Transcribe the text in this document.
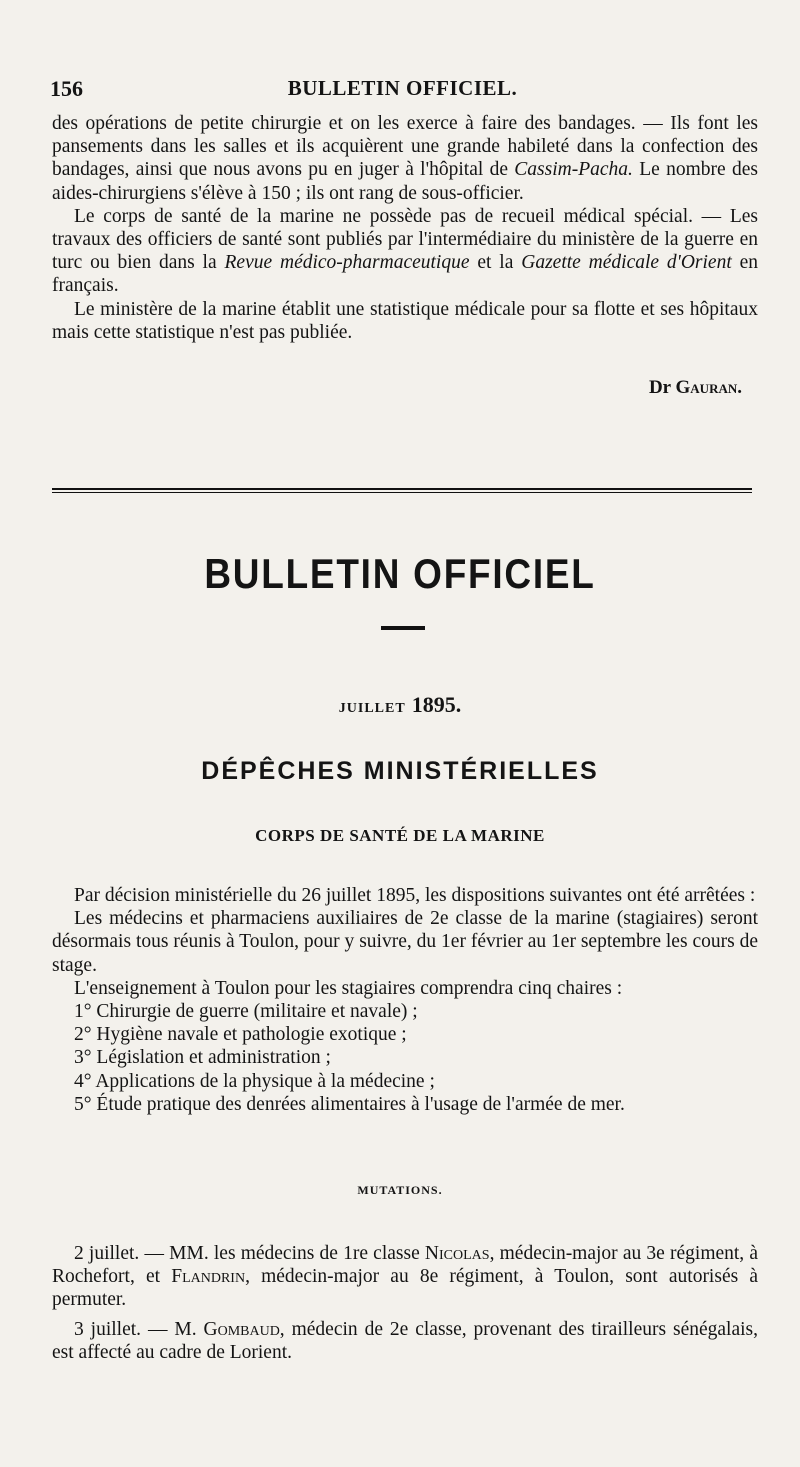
156	BULLETIN OFFICIEL.

des opérations de petite chirurgie et on les exerce à faire des bandages. — Ils font les pansements dans les salles et ils acquièrent une grande habileté dans la confection des bandages, ainsi que nous avons pu en juger à l'hôpital de Cassim-Pacha. Le nombre des aides-chirurgiens s'élève à 150 ; ils ont rang de sous-officier.

Le corps de santé de la marine ne possède pas de recueil médical spécial. — Les travaux des officiers de santé sont publiés par l'intermédiaire du ministère de la guerre en turc ou bien dans la Revue médico-pharmaceutique et la Gazette médicale d'Orient en français.

Le ministère de la marine établit une statistique médicale pour sa flotte et ses hôpitaux mais cette statistique n'est pas publiée.

Dr Gauran.
BULLETIN OFFICIEL
JUILLET 1895.
DÉPÊCHES MINISTÉRIELLES
CORPS DE SANTÉ DE LA MARINE

Par décision ministérielle du 26 juillet 1895, les dispositions suivantes ont été arrêtées :

Les médecins et pharmaciens auxiliaires de 2e classe de la marine (stagiaires) seront désormais tous réunis à Toulon, pour y suivre, du 1er février au 1er septembre les cours de stage.

L'enseignement à Toulon pour les stagiaires comprendra cinq chaires :

1° Chirurgie de guerre (militaire et navale) ;

2° Hygiène navale et pathologie exotique ;

3° Législation et administration ;

4° Applications de la physique à la médecine ;

5° Étude pratique des denrées alimentaires à l'usage de l'armée de mer.

MUTATIONS.

2 juillet. — MM. les médecins de 1re classe Nicolas, médecin-major au 3e régiment, à Rochefort, et Flandrin, médecin-major au 8e régiment, à Toulon, sont autorisés à permuter.

3 juillet. — M. Gombaud, médecin de 2e classe, provenant des tirailleurs sénégalais, est affecté au cadre de Lorient.
